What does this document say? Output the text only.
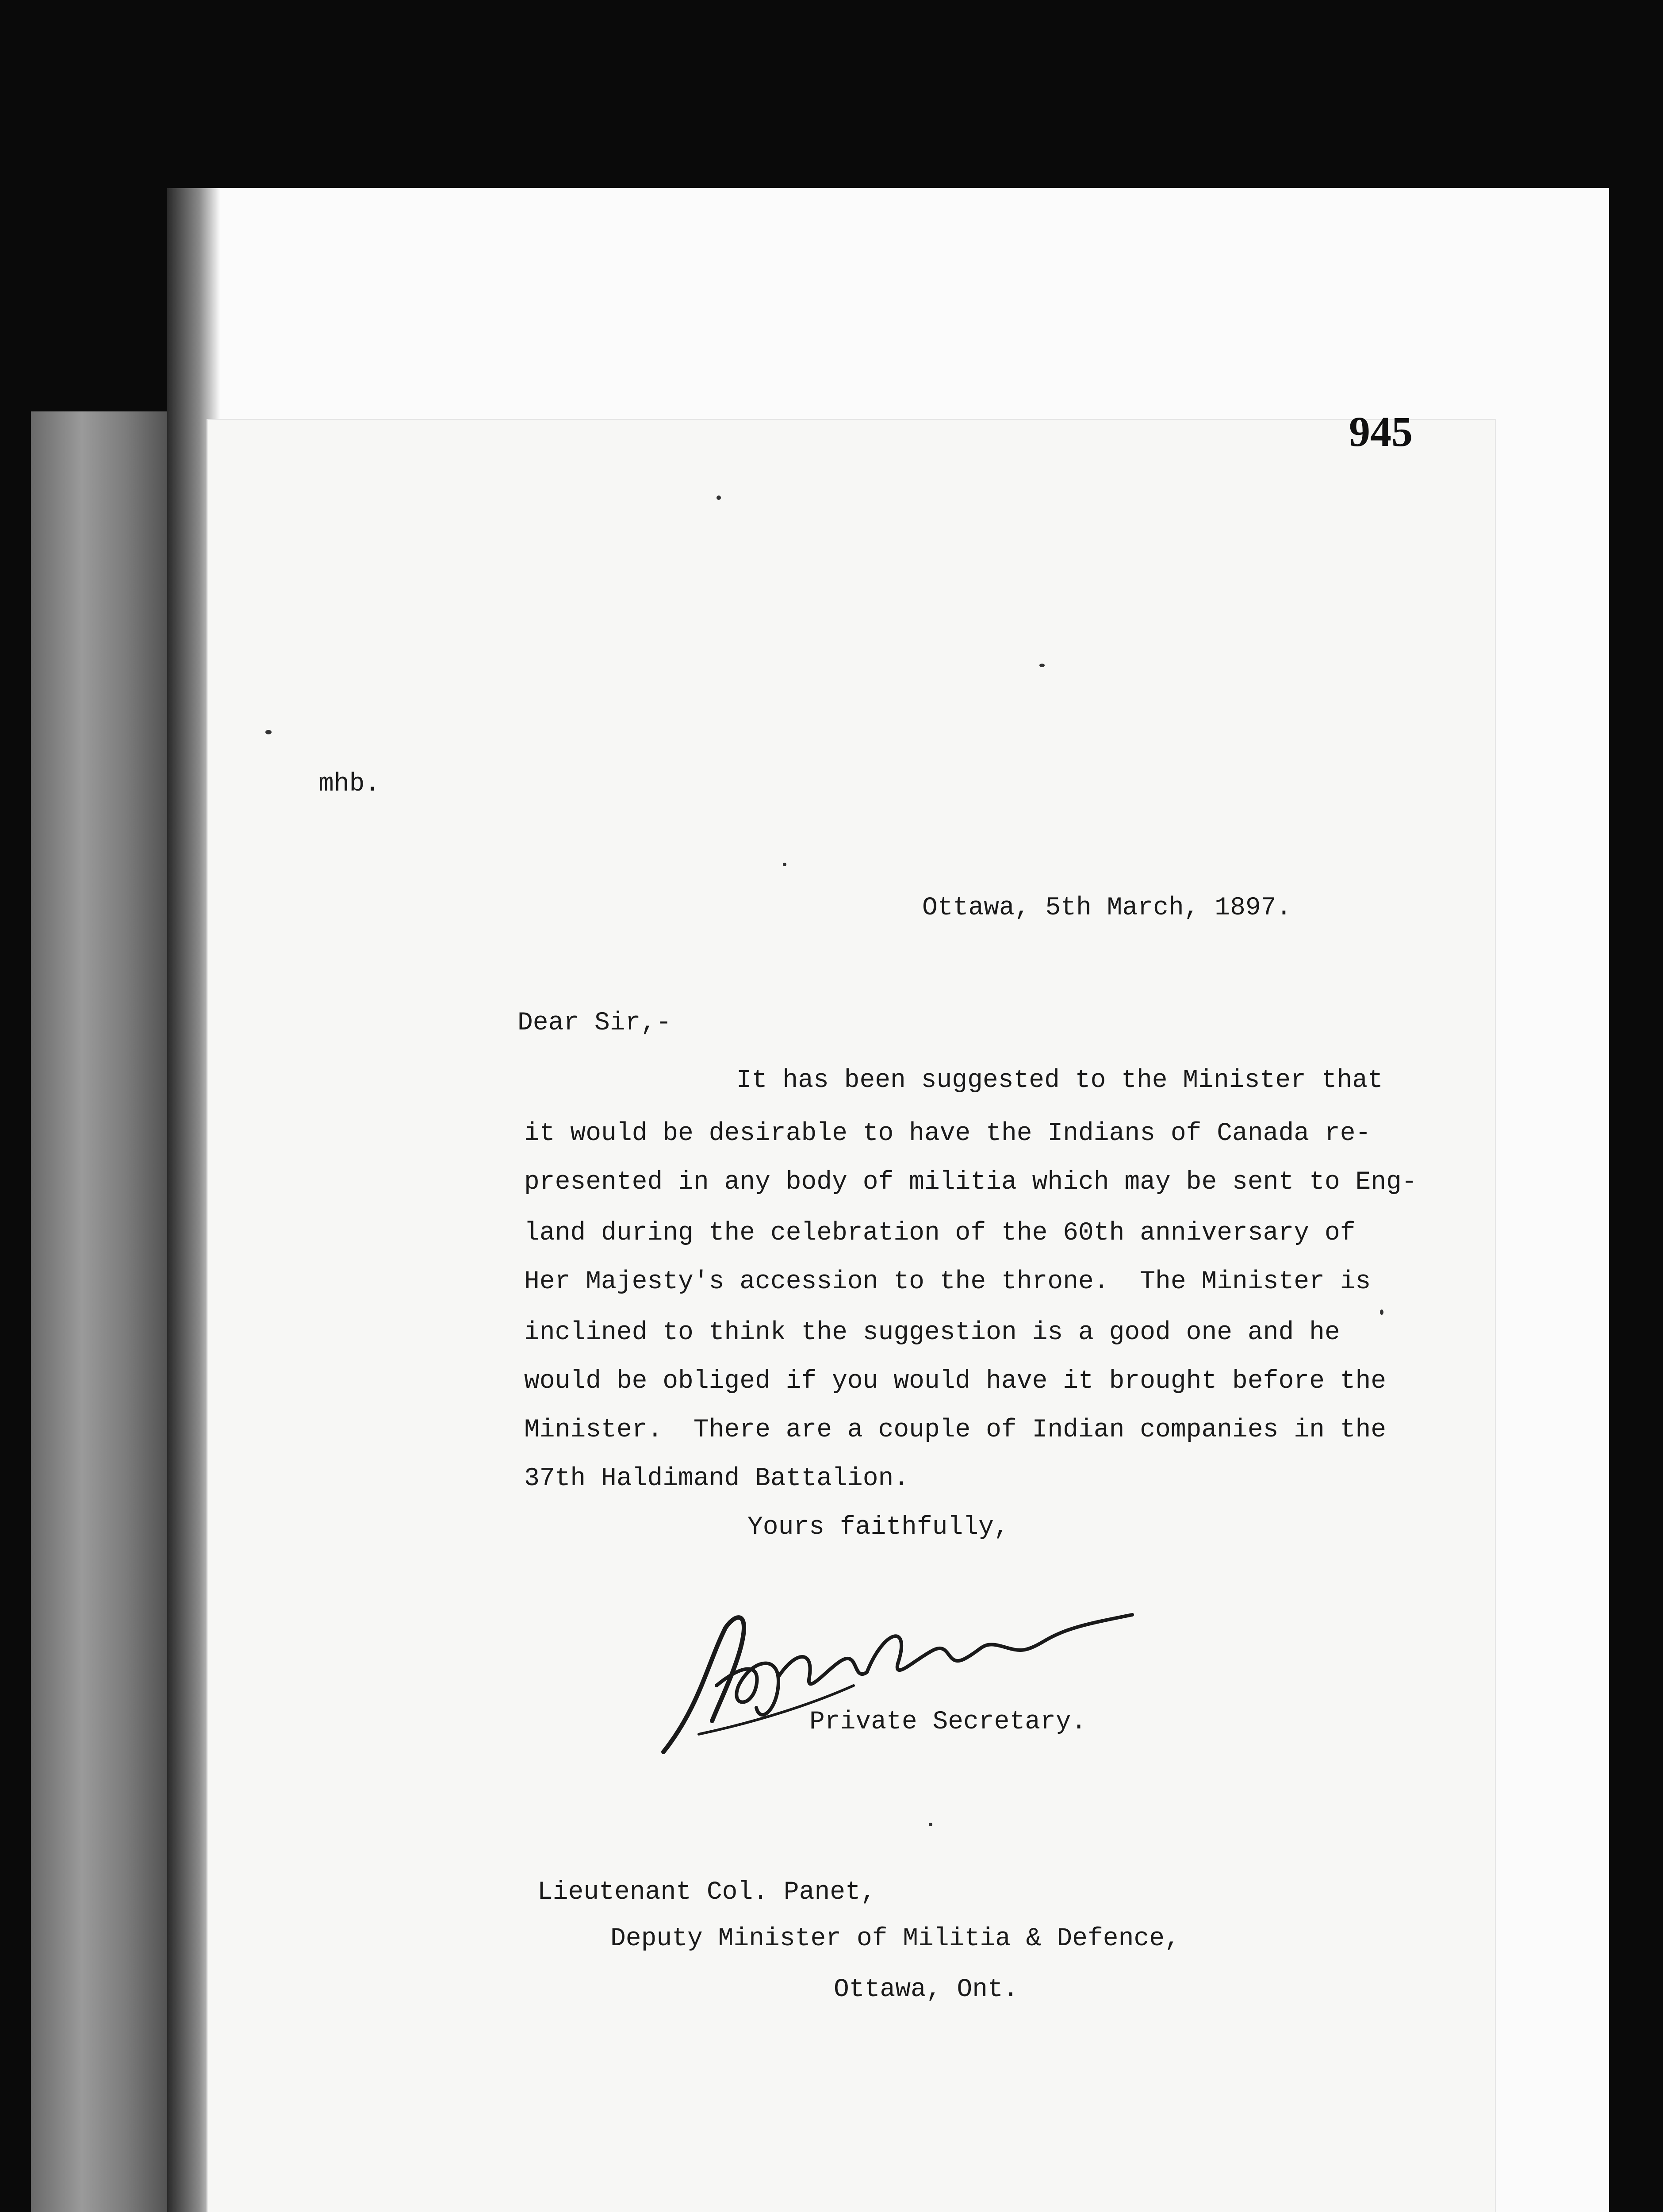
945
mhb.
Ottawa, 5th March, 1897.
Dear Sir,-
It has been suggested to the Minister that
it would be desirable to have the Indians of Canada re-
presented in any body of militia which may be sent to Eng-
land during the celebration of the 60th anniversary of
Her Majesty's accession to the throne.  The Minister is
inclined to think the suggestion is a good one and he
would be obliged if you would have it brought before the
Minister.  There are a couple of Indian companies in the
37th Haldimand Battalion.
Yours faithfully,
Private Secretary.
Lieutenant Col. Panet,
Deputy Minister of Militia & Defence,
Ottawa, Ont.
